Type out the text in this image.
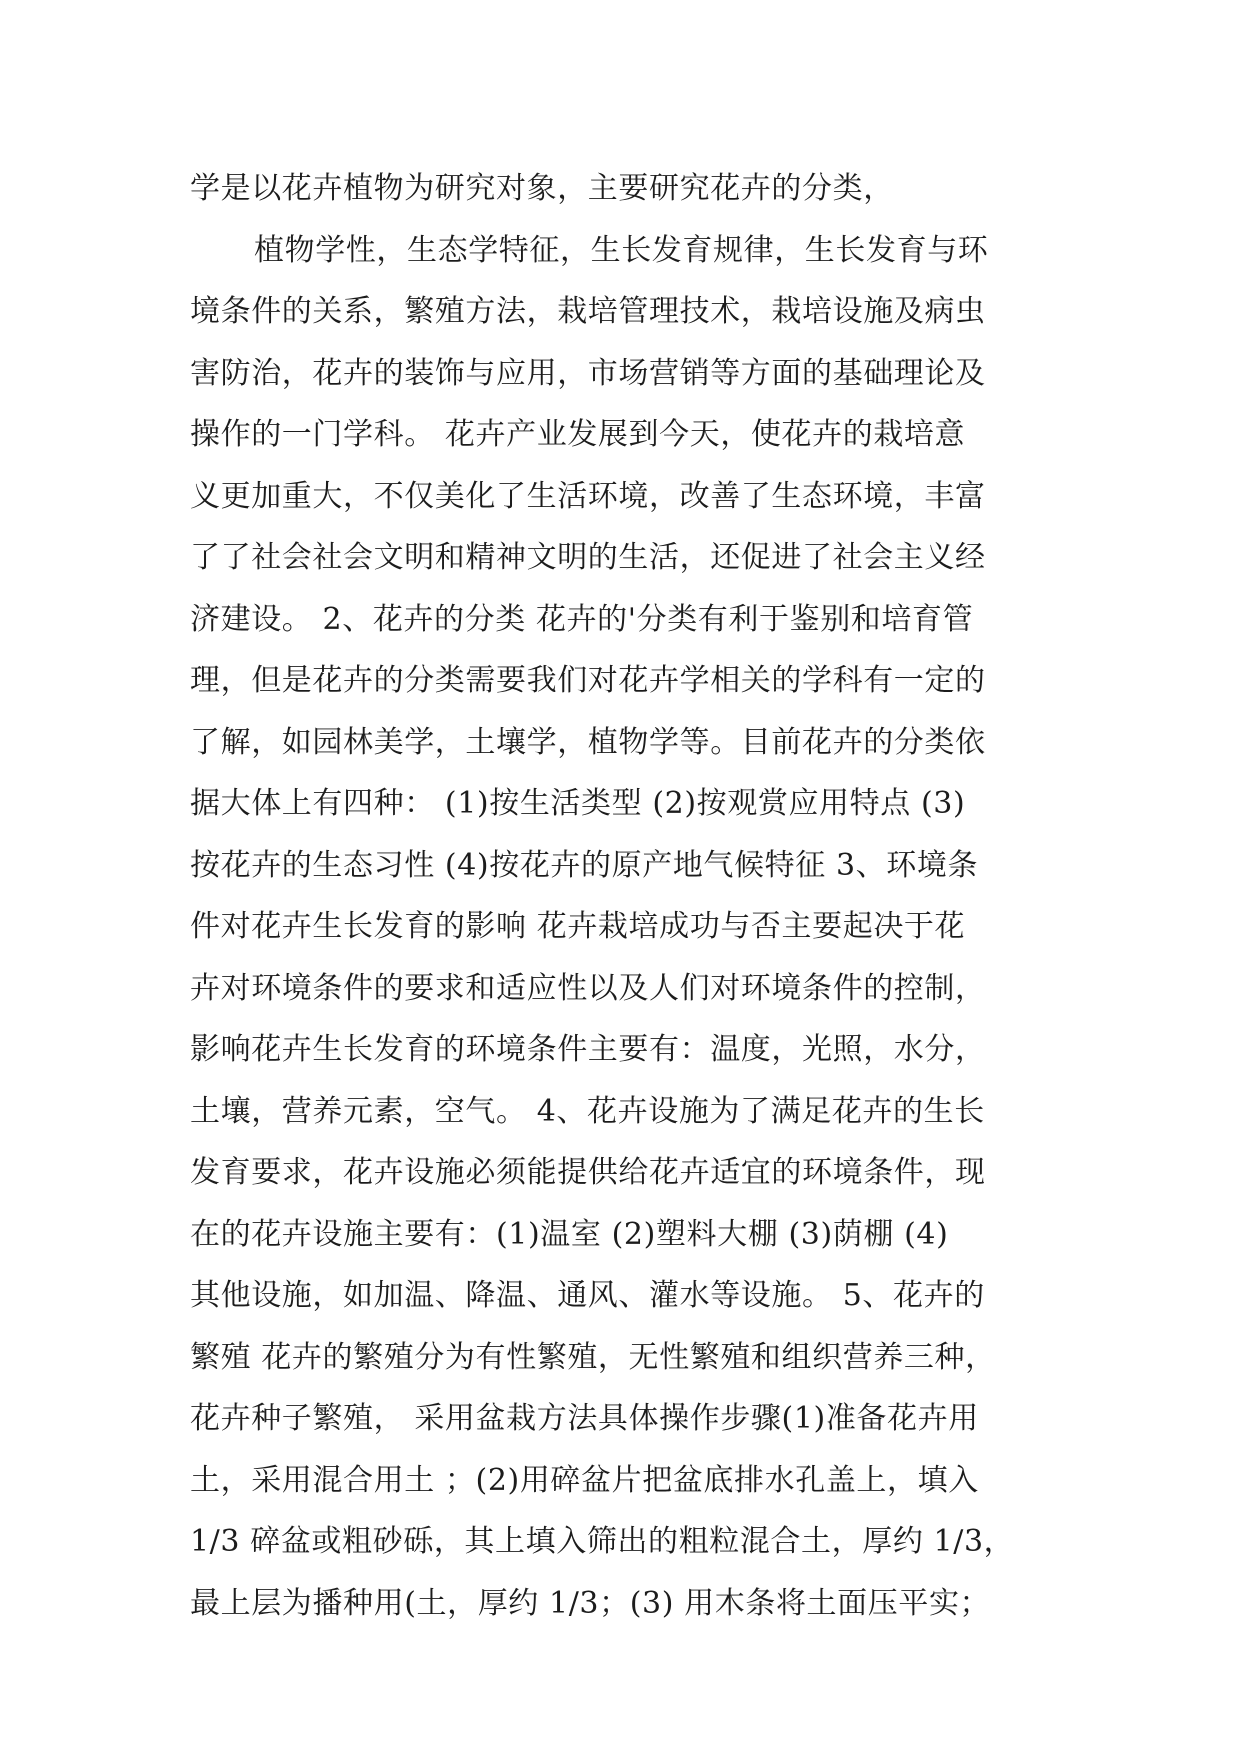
学是以花卉植物为研究对象，主要研究花卉的分类，
植物学性，生态学特征，生长发育规律，生长发育与环
境条件的关系，繁殖方法，栽培管理技术，栽培设施及病虫
害防治，花卉的装饰与应用，市场营销等方面的基础理论及
操作的一门学科。 花卉产业发展到今天，使花卉的栽培意
义更加重大，不仅美化了生活环境，改善了生态环境，丰富
了了社会社会文明和精神文明的生活，还促进了社会主义经
济建设。 2、花卉的分类 花卉的'分类有利于鉴别和培育管
理，但是花卉的分类需要我们对花卉学相关的学科有一定的
了解，如园林美学，土壤学，植物学等。目前花卉的分类依
据大体上有四种： (1)按生活类型 (2)按观赏应用特点 (3)
按花卉的生态习性 (4)按花卉的原产地气候特征 3、环境条
件对花卉生长发育的影响 花卉栽培成功与否主要起决于花
卉对环境条件的要求和适应性以及人们对环境条件的控制，
影响花卉生长发育的环境条件主要有：温度，光照，水分，
土壤，营养元素，空气。 4、花卉设施为了满足花卉的生长
发育要求，花卉设施必须能提供给花卉适宜的环境条件，现
在的花卉设施主要有：(1)温室 (2)塑料大棚 (3)荫棚 (4)
其他设施，如加温、降温、通风、灌水等设施。 5、花卉的
繁殖 花卉的繁殖分为有性繁殖，无性繁殖和组织营养三种，
花卉种子繁殖， 采用盆栽方法具体操作步骤(1)准备花卉用
土，采用混合用土 ；(2)用碎盆片把盆底排水孔盖上，填入
1/3 碎盆或粗砂砾，其上填入筛出的粗粒混合土，厚约 1/3，
最上层为播种用(土，厚约 1/3；(3) 用木条将土面压平实；
